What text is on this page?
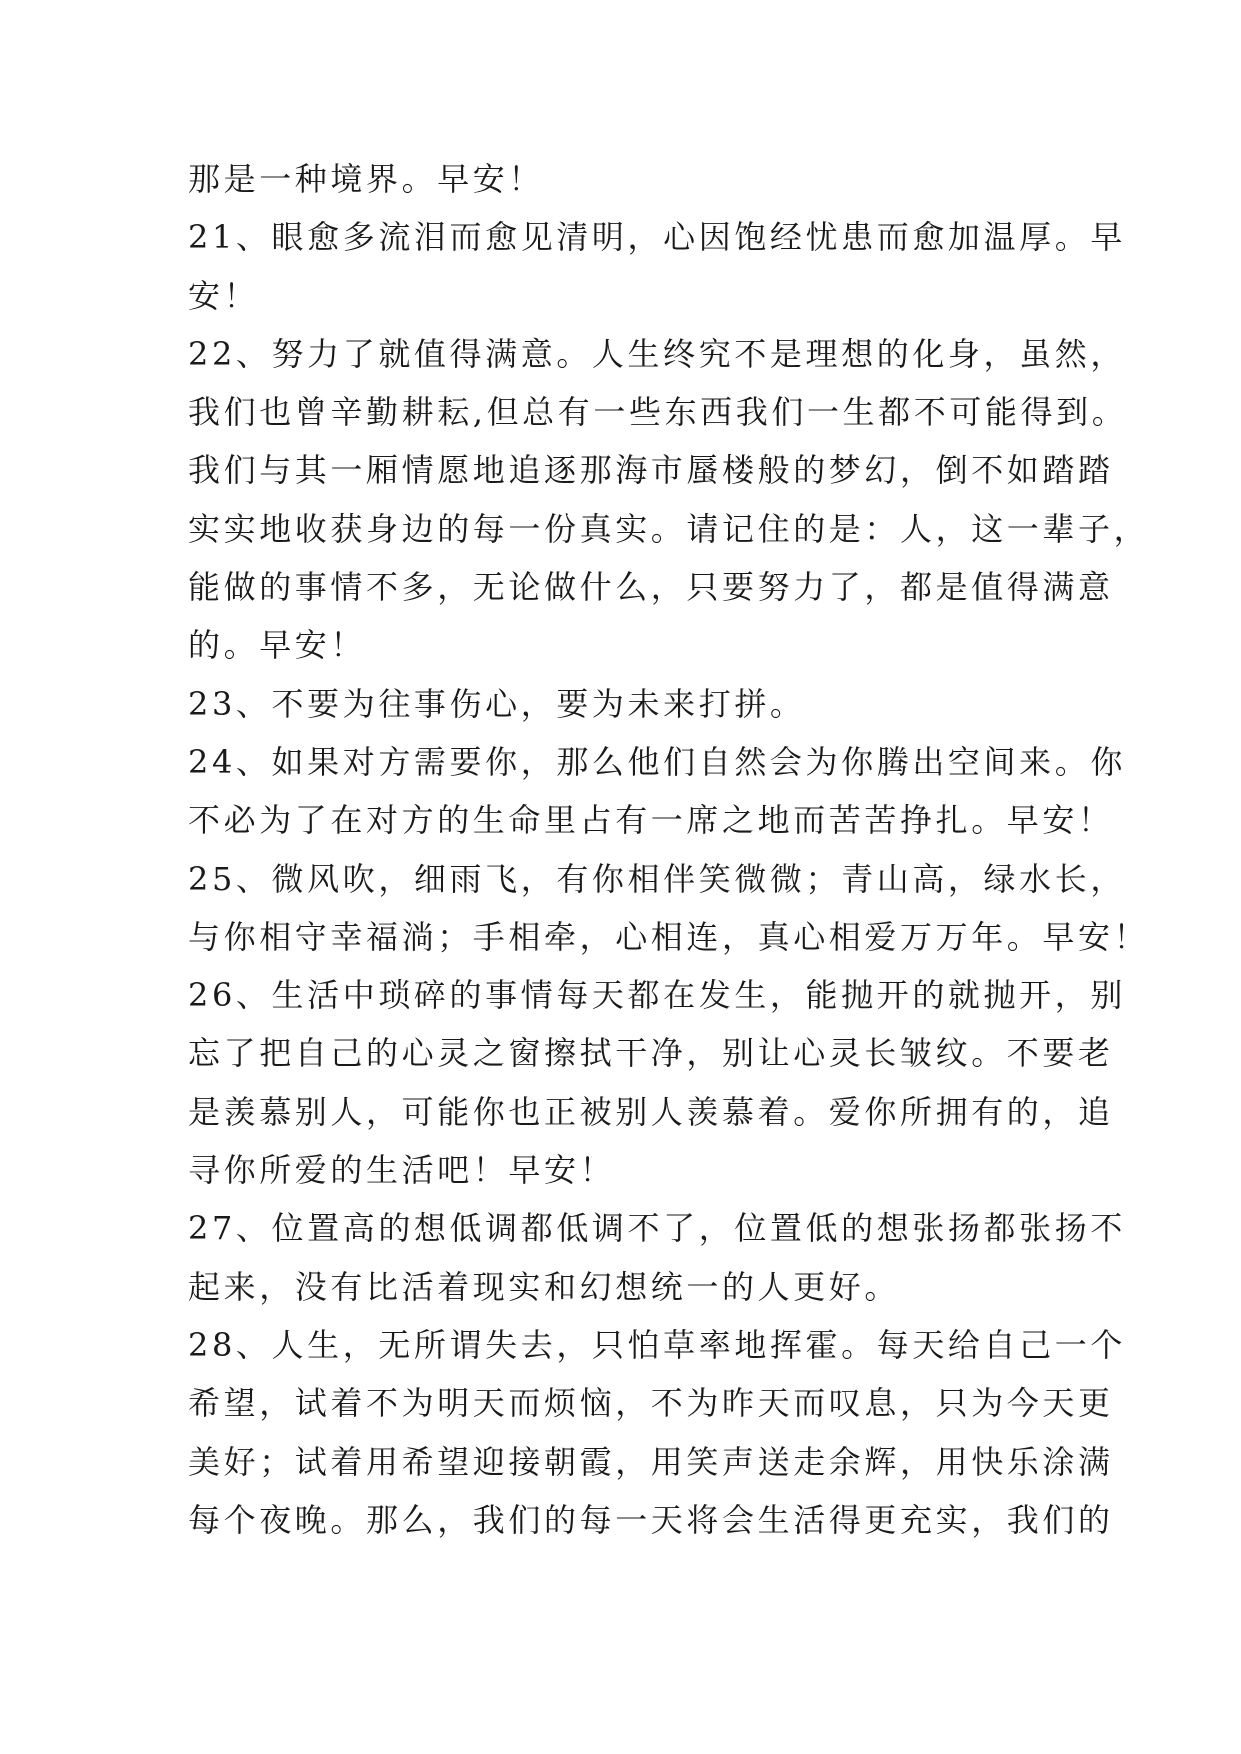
那是一种境界。早安！
21、眼愈多流泪而愈见清明，心因饱经忧患而愈加温厚。早
安！
22、努力了就值得满意。人生终究不是理想的化身，虽然，
我们也曾辛勤耕耘,但总有一些东西我们一生都不可能得到。
我们与其一厢情愿地追逐那海市蜃楼般的梦幻，倒不如踏踏
实实地收获身边的每一份真实。请记住的是：人，这一辈子，
能做的事情不多，无论做什么，只要努力了，都是值得满意
的。早安！
23、不要为往事伤心，要为未来打拼。
24、如果对方需要你，那么他们自然会为你腾出空间来。你
不必为了在对方的生命里占有一席之地而苦苦挣扎。早安！
25、微风吹，细雨飞，有你相伴笑微微；青山高，绿水长，
与你相守幸福淌；手相牵，心相连，真心相爱万万年。早安！
26、生活中琐碎的事情每天都在发生，能抛开的就抛开，别
忘了把自己的心灵之窗擦拭干净，别让心灵长皱纹。不要老
是羡慕别人，可能你也正被别人羡慕着。爱你所拥有的，追
寻你所爱的生活吧！早安！
27、位置高的想低调都低调不了，位置低的想张扬都张扬不
起来，没有比活着现实和幻想统一的人更好。
28、人生，无所谓失去，只怕草率地挥霍。每天给自己一个
希望，试着不为明天而烦恼，不为昨天而叹息，只为今天更
美好；试着用希望迎接朝霞，用笑声送走余辉，用快乐涂满
每个夜晚。那么，我们的每一天将会生活得更充实，我们的
